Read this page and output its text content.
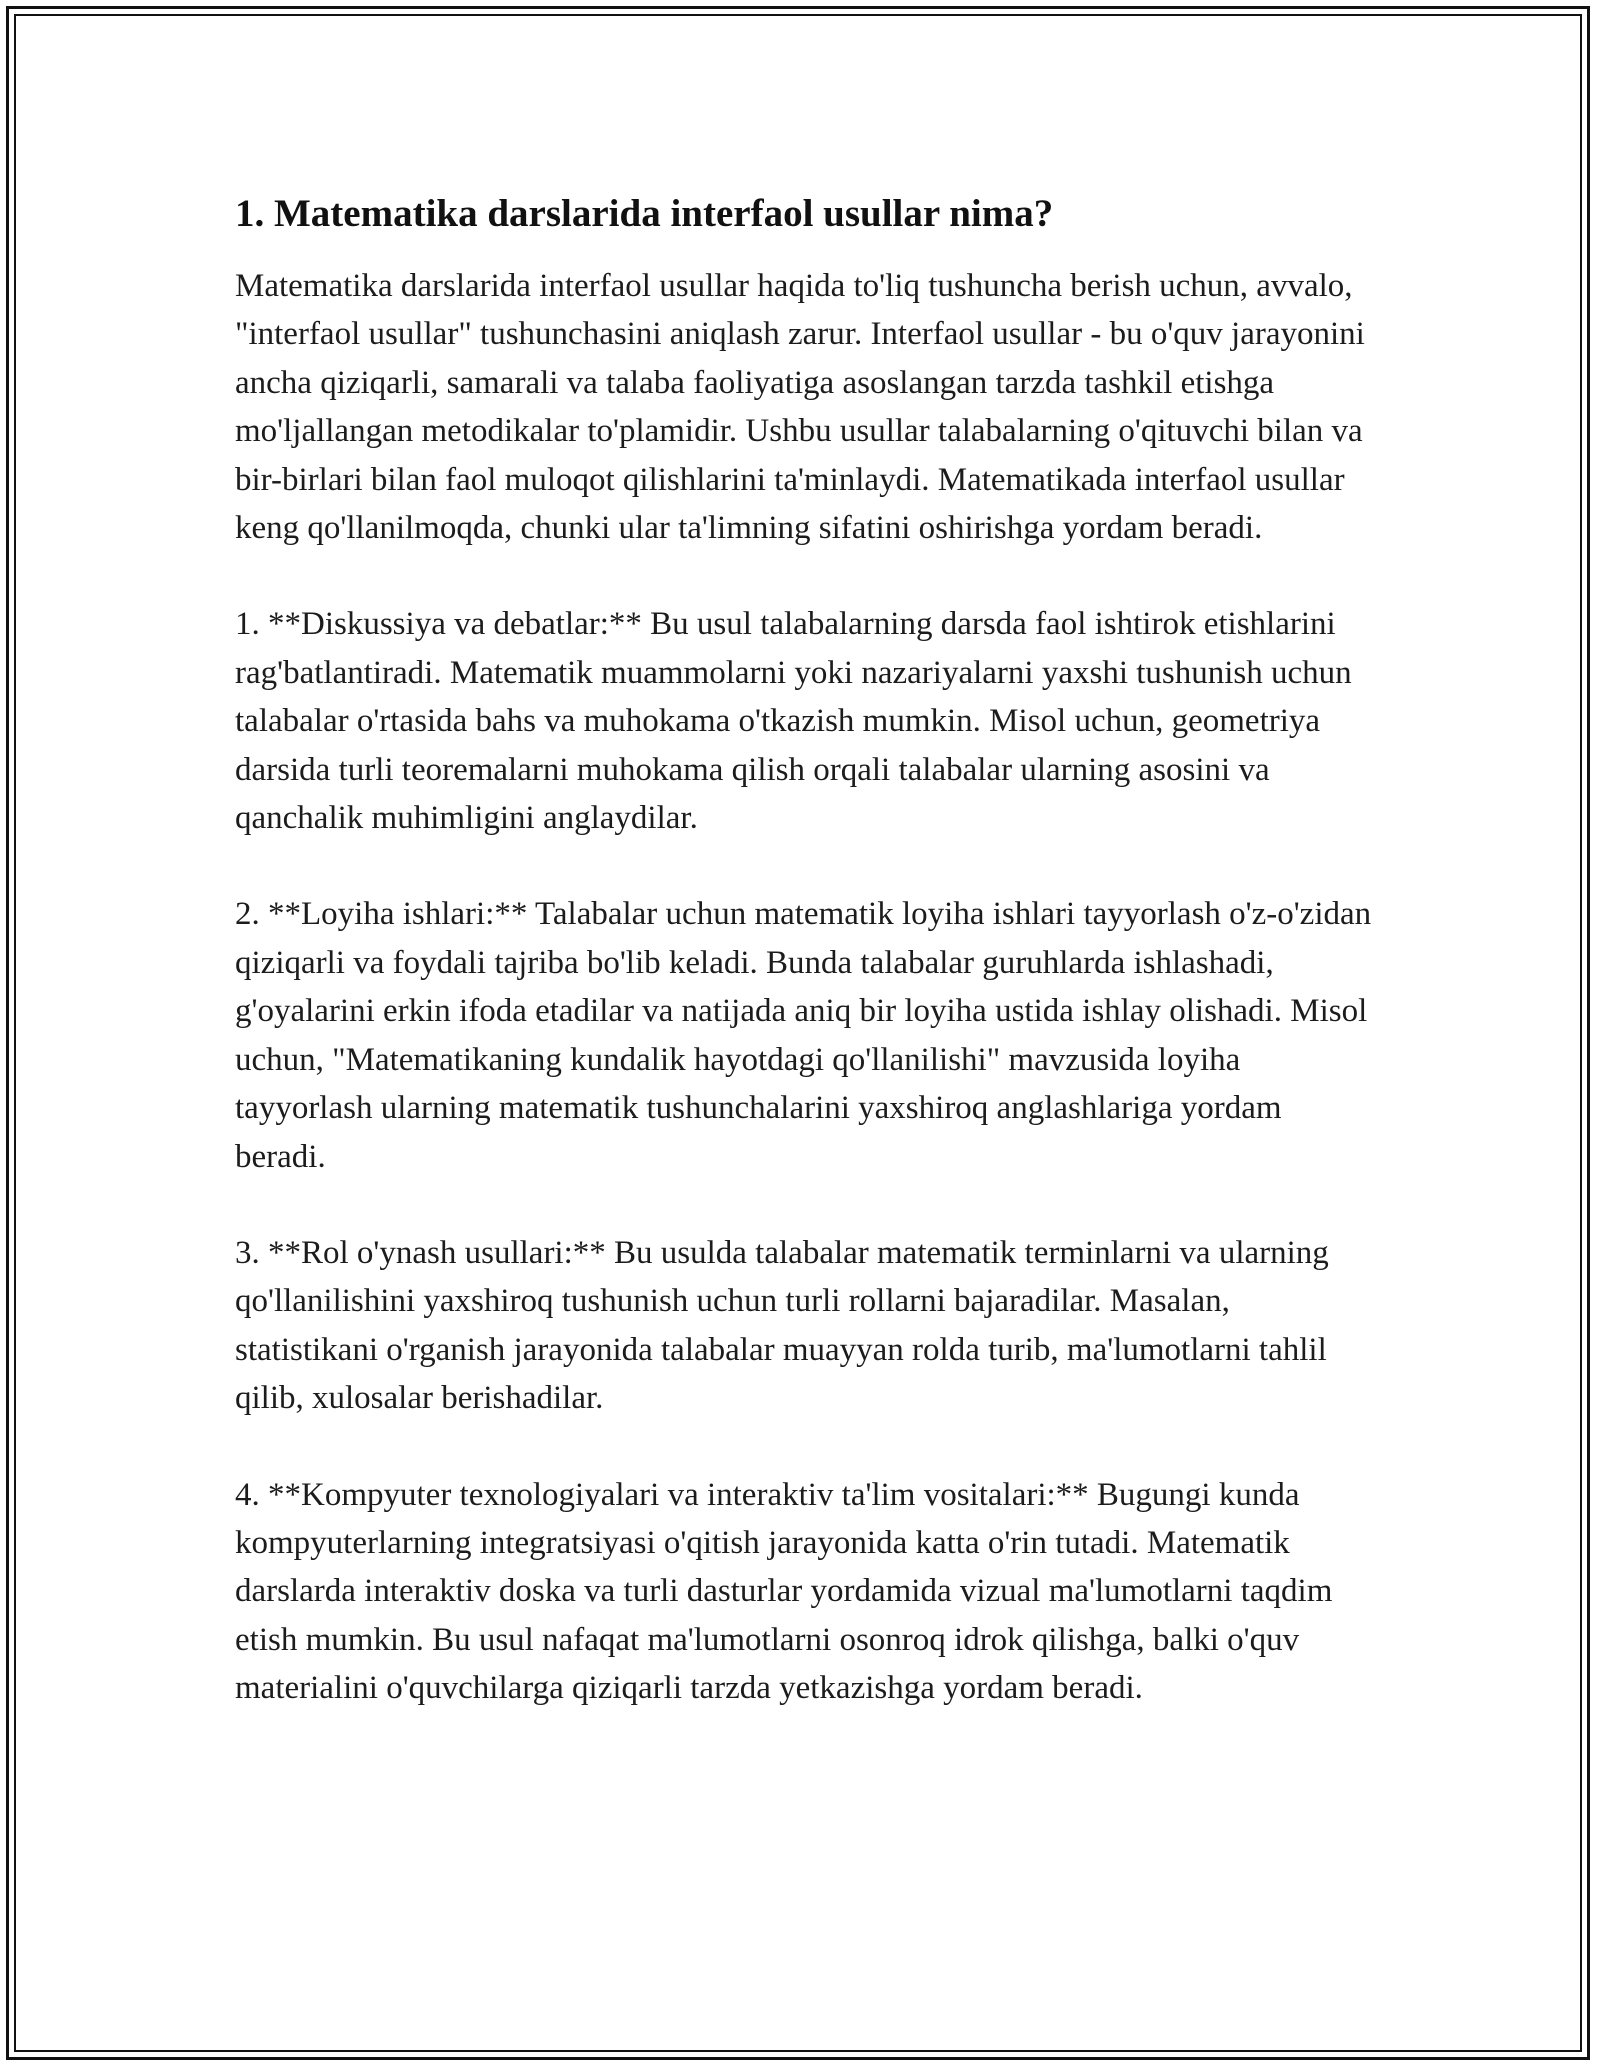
1. Matematika darslarida interfaol usullar nima?

Matematika darslarida interfaol usullar haqida to'liq tushuncha berish uchun, avvalo, "interfaol usullar" tushunchasini aniqlash zarur. Interfaol usullar - bu o'quv jarayonini ancha qiziqarli, samarali va talaba faoliyatiga asoslangan tarzda tashkil etishga mo'ljallangan metodikalar to'plamidir. Ushbu usullar talabalarning o'qituvchi bilan va bir-birlari bilan faol muloqot qilishlarini ta'minlaydi. Matematikada interfaol usullar keng qo'llanilmoqda, chunki ular ta'limning sifatini oshirishga yordam beradi.

1. **Diskussiya va debatlar:** Bu usul talabalarning darsda faol ishtirok etishlarini rag'batlantiradi. Matematik muammolarni yoki nazariyalarni yaxshi tushunish uchun talabalar o'rtasida bahs va muhokama o'tkazish mumkin. Misol uchun, geometriya darsida turli teoremalarni muhokama qilish orqali talabalar ularning asosini va qanchalik muhimligini anglaydilar.

2. **Loyiha ishlari:** Talabalar uchun matematik loyiha ishlari tayyorlash o'z-o'zidan qiziqarli va foydali tajriba bo'lib keladi. Bunda talabalar guruhlarda ishlashadi, g'oyalarini erkin ifoda etadilar va natijada aniq bir loyiha ustida ishlay olishadi. Misol uchun, "Matematikaning kundalik hayotdagi qo'llanilishi" mavzusida loyiha tayyorlash ularning matematik tushunchalarini yaxshiroq anglashlariga yordam beradi.

3. **Rol o'ynash usullari:** Bu usulda talabalar matematik terminlarni va ularning qo'llanilishini yaxshiroq tushunish uchun turli rollarni bajaradilar. Masalan, statistikani o'rganish jarayonida talabalar muayyan rolda turib, ma'lumotlarni tahlil qilib, xulosalar berishadilar.

4. **Kompyuter texnologiyalari va interaktiv ta'lim vositalari:** Bugungi kunda kompyuterlarning integratsiyasi o'qitish jarayonida katta o'rin tutadi. Matematik darslarda interaktiv doska va turli dasturlar yordamida vizual ma'lumotlarni taqdim etish mumkin. Bu usul nafaqat ma'lumotlarni osonroq idrok qilishga, balki o'quv materialini o'quvchilarga qiziqarli tarzda yetkazishga yordam beradi.
